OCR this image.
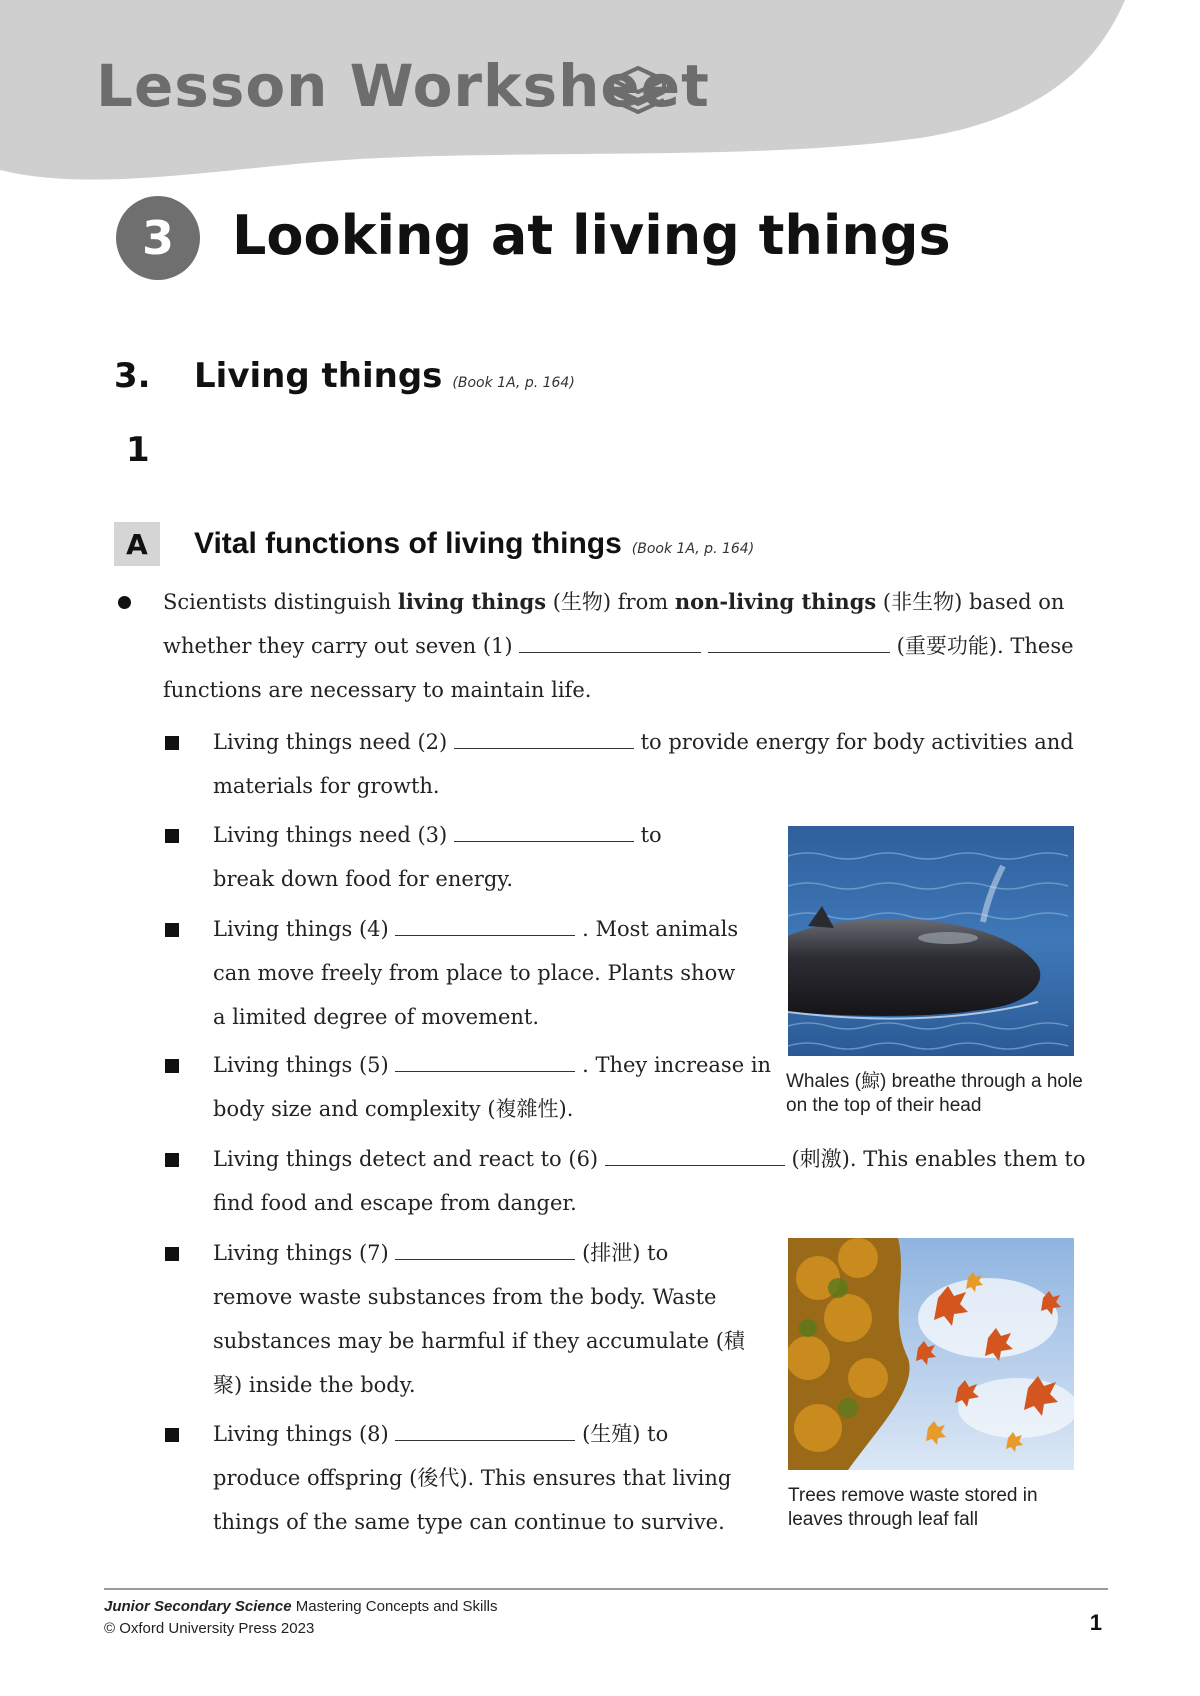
Lesson Worksheet
3	Looking at living things
3. Living things (Book 1A, p. 164)
1
A	Vital functions of living things (Book 1A, p. 164)

Scientists distinguish living things (生物) from non-living things (非生物) based on whether they carry out seven (1)	(重要功能). These functions are necessary to maintain life.

Living things need (2)	to provide energy for body activities and materials for growth.

Living things need (3)	to break down food for energy.

Living things (4)	. Most animals can move freely from place to place. Plants show a limited degree of movement.

Living things (5)	. They increase in body size and complexity (複雜性).

Living things detect and react to (6)	(刺激). This enables them to find food and escape from danger.

Living things (7)	(排泄) to remove waste substances from the body. Waste substances may be harmful if they accumulate (積聚) inside the body.

Living things (8)	(生殖) to produce offspring (後代). This ensures that living things of the same type can continue to survive.

Whales (鯨) breathe through a hole on the top of their head
Trees remove waste stored in leaves through leaf fall
Junior Secondary Science Mastering Concepts and Skills
© Oxford University Press 2023	1
